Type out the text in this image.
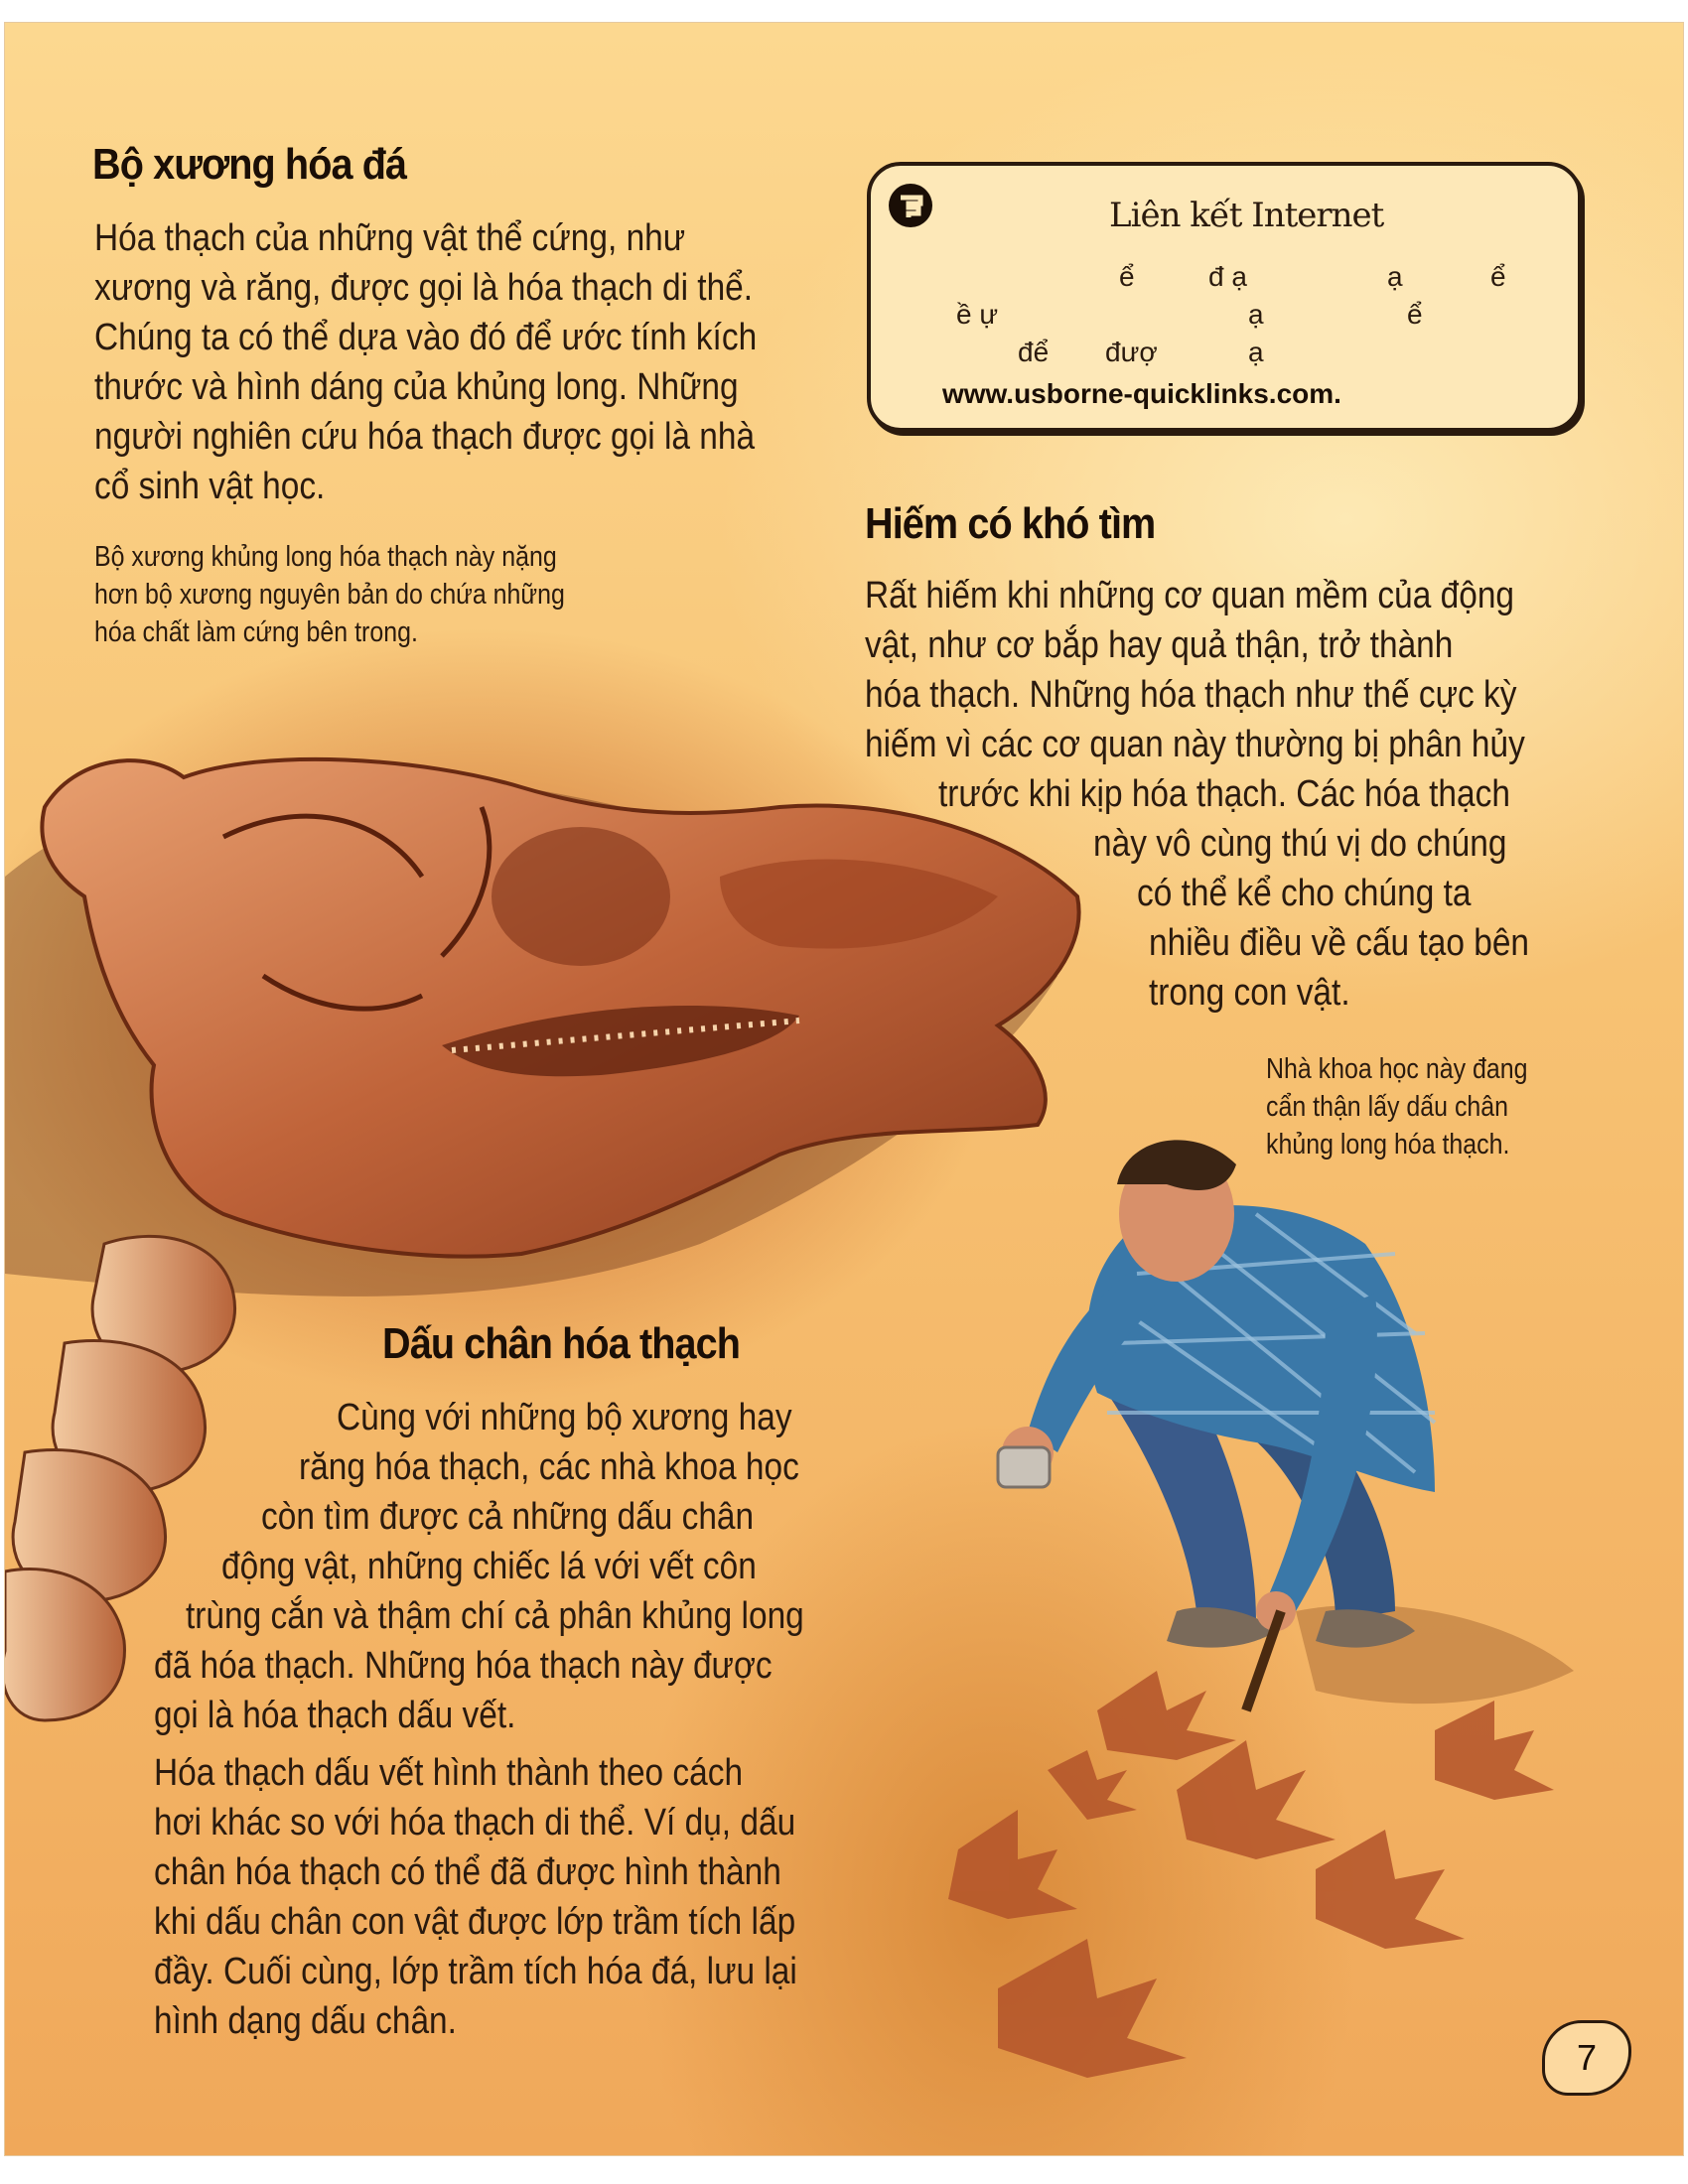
Bộ xương hóa đá
Hóa thạch của những vật thể cứng, như
xương và răng, được gọi là hóa thạch di thể.
Chúng ta có thể dựa vào đó để ước tính kích
thước và hình dáng của khủng long. Những
người nghiên cứu hóa thạch được gọi là nhà
cổ sinh vật học.
Bộ xương khủng long hóa thạch này nặng
hơn bộ xương nguyên bản do chứa những
hóa chất làm cứng bên trong.
Liên kết Internet
ể	đ ạ	ạ	ể
ề ự	ạ	ể
để đượ	ạ
www.usborne-quicklinks.com.
Hiếm có khó tìm
Rất hiếm khi những cơ quan mềm của động
vật, như cơ bắp hay quả thận, trở thành
hóa thạch. Những hóa thạch như thế cực kỳ
hiếm vì các cơ quan này thường bị phân hủy
trước khi kịp hóa thạch. Các hóa thạch
này vô cùng thú vị do chúng
có thể kể cho chúng ta
nhiều điều về cấu tạo bên
trong con vật.
Nhà khoa học này đang
cẩn thận lấy dấu chân
khủng long hóa thạch.
Dấu chân hóa thạch
Cùng với những bộ xương hay
răng hóa thạch, các nhà khoa học
còn tìm được cả những dấu chân
động vật, những chiếc lá với vết côn
trùng cắn và thậm chí cả phân khủng long
đã hóa thạch. Những hóa thạch này được
gọi là hóa thạch dấu vết.
Hóa thạch dấu vết hình thành theo cách
hơi khác so với hóa thạch di thể. Ví dụ, dấu
chân hóa thạch có thể đã được hình thành
khi dấu chân con vật được lớp trầm tích lấp
đầy. Cuối cùng, lớp trầm tích hóa đá, lưu lại
hình dạng dấu chân.
7
